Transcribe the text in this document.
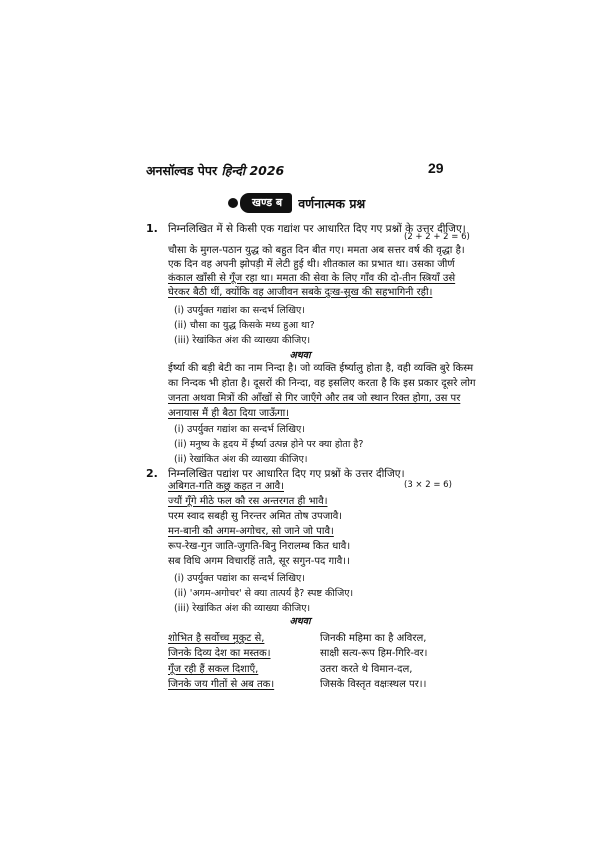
अनसॉल्वड पेपर हिन्दी 2026	29
खण्ड ब	वर्णनात्मक प्रश्न
1. निम्नलिखित में से किसी एक गद्यांश पर आधारित दिए गए प्रश्नों के उत्तर दीजिए।
(2 + 2 + 2 = 6)
चौसा के मुगल-पठान युद्ध को बहुत दिन बीत गए। ममता अब सत्तर वर्ष की वृद्धा है।
एक दिन वह अपनी झोपड़ी में लेटी हुई थी। शीतकाल का प्रभात था। उसका जीर्ण
कंकाल खाँसी से गूँज रहा था। ममता की सेवा के लिए गाँव की दो-तीन स्त्रियाँ उसे
घेरकर बैठी थीं, क्योंकि वह आजीवन सबके दुःख-सुख की सहभागिनी रही।
(i) उपर्युक्त गद्यांश का सन्दर्भ लिखिए।
(ii) चौसा का युद्ध किसके मध्य हुआ था?
(iii) रेखांकित अंश की व्याख्या कीजिए।
अथवा
ईर्ष्या की बड़ी बेटी का नाम निन्दा है। जो व्यक्ति ईर्ष्यालु होता है, वही व्यक्ति बुरे किस्म
का निन्दक भी होता है। दूसरों की निन्दा, वह इसलिए करता है कि इस प्रकार दूसरे लोग
जनता अथवा मित्रों की आँखों से गिर जाएँगे और तब जो स्थान रिक्त होगा, उस पर
अनायास मैं ही बैठा दिया जाऊँगा।
(i) उपर्युक्त गद्यांश का सन्दर्भ लिखिए।
(ii) मनुष्य के हृदय में ईर्ष्या उत्पन्न होने पर क्या होता है?
(ii) रेखांकित अंश की व्याख्या कीजिए।
2. निम्नलिखित पद्यांश पर आधारित दिए गए प्रश्नों के उत्तर दीजिए।
(3 × 2 = 6)
अबिगत-गति कछु कहत न आवै।
ज्यौं गूँगे मीठे फल कौ रस अन्तरगत ही भावै।
परम स्वाद सबही सु निरन्तर अमित तोष उपजावै।
मन-बानी कौ अगम-अगोचर, सो जाने जो पावै।
रूप-रेख-गुन जाति-जुगति-बिनु निरालम्ब कित धावै।
सब विधि अगम विचारहिं तातै, सूर सगुन-पद गावै।।
(i) उपर्युक्त पद्यांश का सन्दर्भ लिखिए।
(ii) 'अगम-अगोचर' से क्या तात्पर्य है? स्पष्ट कीजिए।
(iii) रेखांकित अंश की व्याख्या कीजिए।
अथवा
शोभित है सर्वोच्च मुकुट से,
जिनके दिव्य देश का मस्तक।
गूँज रही हैं सकल दिशाएँ,
जिनके जय गीतों से अब तक।
जिनकी महिमा का है अविरल,
साक्षी सत्य-रूप हिम-गिरि-वर।
उतरा करते थे विमान-दल,
जिसके विस्तृत वक्षःस्थल पर।।
